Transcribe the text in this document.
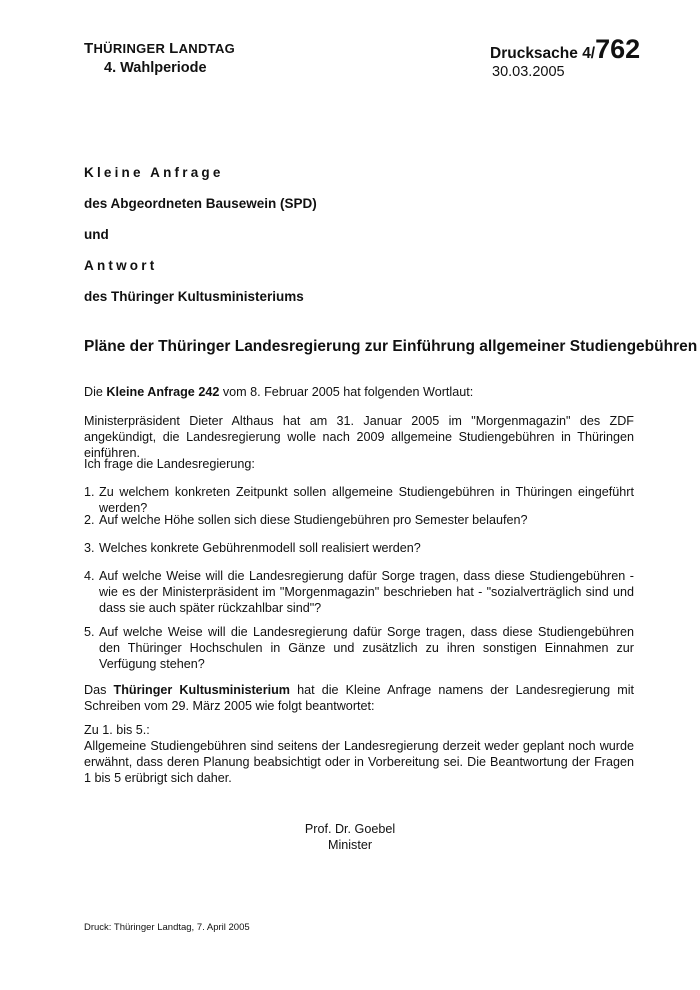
THÜRINGER LANDTAG
4. Wahlperiode
Drucksache 4/762
30.03.2005
Kleine Anfrage
des Abgeordneten Bausewein (SPD)
und
Antwort
des Thüringer Kultusministeriums
Pläne der Thüringer Landesregierung zur Einführung allgemeiner Studiengebühren
Die Kleine Anfrage 242 vom 8. Februar 2005 hat folgenden Wortlaut:
Ministerpräsident Dieter Althaus hat am 31. Januar 2005 im "Morgenmagazin" des ZDF angekündigt, die Landesregierung wolle nach 2009 allgemeine Studiengebühren in Thüringen einführen.
Ich frage die Landesregierung:
1. Zu welchem konkreten Zeitpunkt sollen allgemeine Studiengebühren in Thüringen eingeführt werden?
2. Auf welche Höhe sollen sich diese Studiengebühren pro Semester belaufen?
3. Welches konkrete Gebührenmodell soll realisiert werden?
4. Auf welche Weise will die Landesregierung dafür Sorge tragen, dass diese Studiengebühren - wie es der Ministerpräsident im "Morgenmagazin" beschrieben hat - "sozialverträglich sind und dass sie auch später rückzahlbar sind"?
5. Auf welche Weise will die Landesregierung dafür Sorge tragen, dass diese Studiengebühren den Thüringer Hochschulen in Gänze und zusätzlich zu ihren sonstigen Einnahmen zur Verfügung stehen?
Das Thüringer Kultusministerium hat die Kleine Anfrage namens der Landesregierung mit Schreiben vom 29. März 2005 wie folgt beantwortet:
Zu 1. bis 5.:
Allgemeine Studiengebühren sind seitens der Landesregierung derzeit weder geplant noch wurde erwähnt, dass deren Planung beabsichtigt oder in Vorbereitung sei. Die Beantwortung der Fragen 1 bis 5 erübrigt sich daher.
Prof. Dr. Goebel
Minister
Druck: Thüringer Landtag, 7. April 2005
